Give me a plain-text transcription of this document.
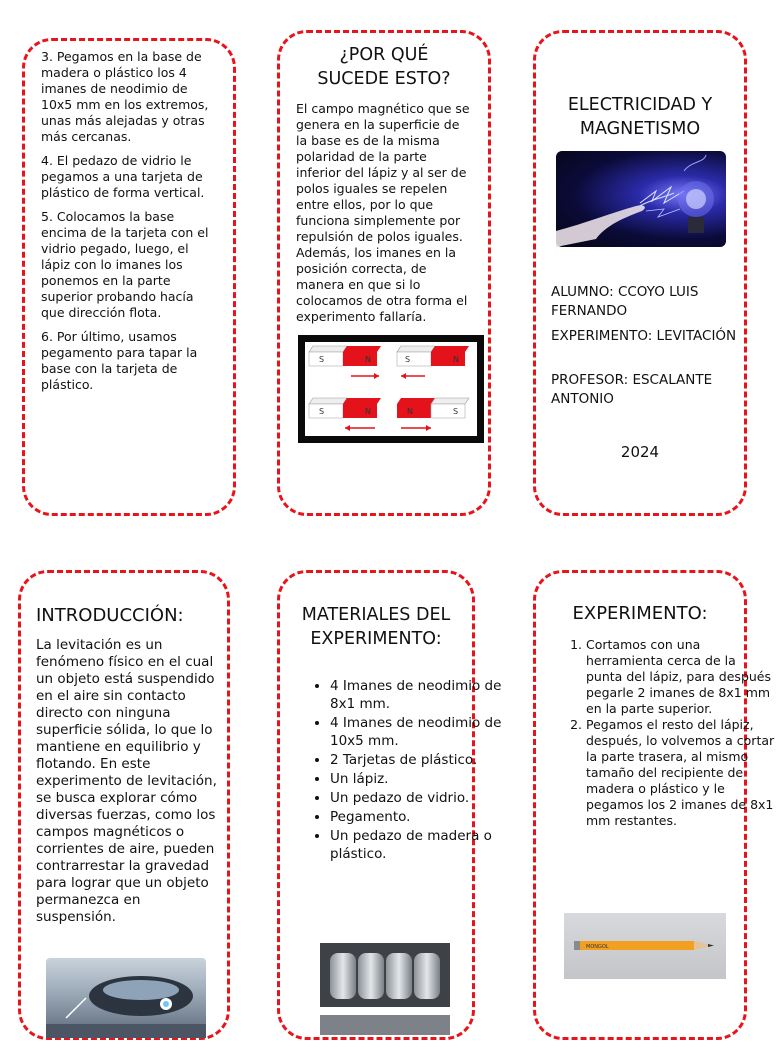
3. Pegamos en la base de madera o plástico los 4 imanes de neodimio de 10x5 mm en los extremos, unas más alejadas y otras más cercanas.

4. El pedazo de vidrio le pegamos a una tarjeta de plástico de forma vertical.

5. Colocamos la base encima de la tarjeta con el vidrio pegado, luego, el lápiz con lo imanes los ponemos en la parte superior probando hacía que dirección flota.

6. Por último, usamos pegamento para tapar la base con la tarjeta de plástico.

¿POR QUÉ
SUCEDE ESTO?

El campo magnético que se genera en la superficie de la base es de la misma polaridad de la parte inferior del lápiz y al ser de polos iguales se repelen entre ellos, por lo que funciona simplemente por repulsión de polos iguales. Además, los imanes en la posición correcta, de manera en que si lo colocamos de otra forma el experimento fallaría.

S	N	S	N
S	N	N	S
ELECTRICIDAD Y
MAGNETISMO

ALUMNO: CCOYO LUIS FERNANDO

EXPERIMENTO: LEVITACIÓN

PROFESOR: ESCALANTE ANTONIO

2024
INTRODUCCIÓN:

La levitación es un fenómeno físico en el cual un objeto está suspendido en el aire sin contacto directo con ninguna superficie sólida, lo que lo mantiene en equilibrio y flotando. En este experimento de levitación, se busca explorar cómo diversas fuerzas, como los campos magnéticos o corrientes de aire, pueden contrarrestar la gravedad para lograr que un objeto permanezca en suspensión.

MATERIALES DEL
EXPERIMENTO:
• 4 Imanes de neodimio de 8x1 mm.
• 4 Imanes de neodimio de 10x5 mm.
• 2 Tarjetas de plástico.
• Un lápiz.
• Un pedazo de vidrio.
• Pegamento.
• Un pedazo de madera o plástico.
EXPERIMENTO:
1. Cortamos con una herramienta cerca de la punta del lápiz, para después pegarle 2 imanes de 8x1 mm en la parte superior.
2. Pegamos el resto del lápiz, después, lo volvemos a cortar la parte trasera, al mismo tamaño del recipiente de madera o plástico y le pegamos los 2 imanes de 8x1 mm restantes.
MONGOL
